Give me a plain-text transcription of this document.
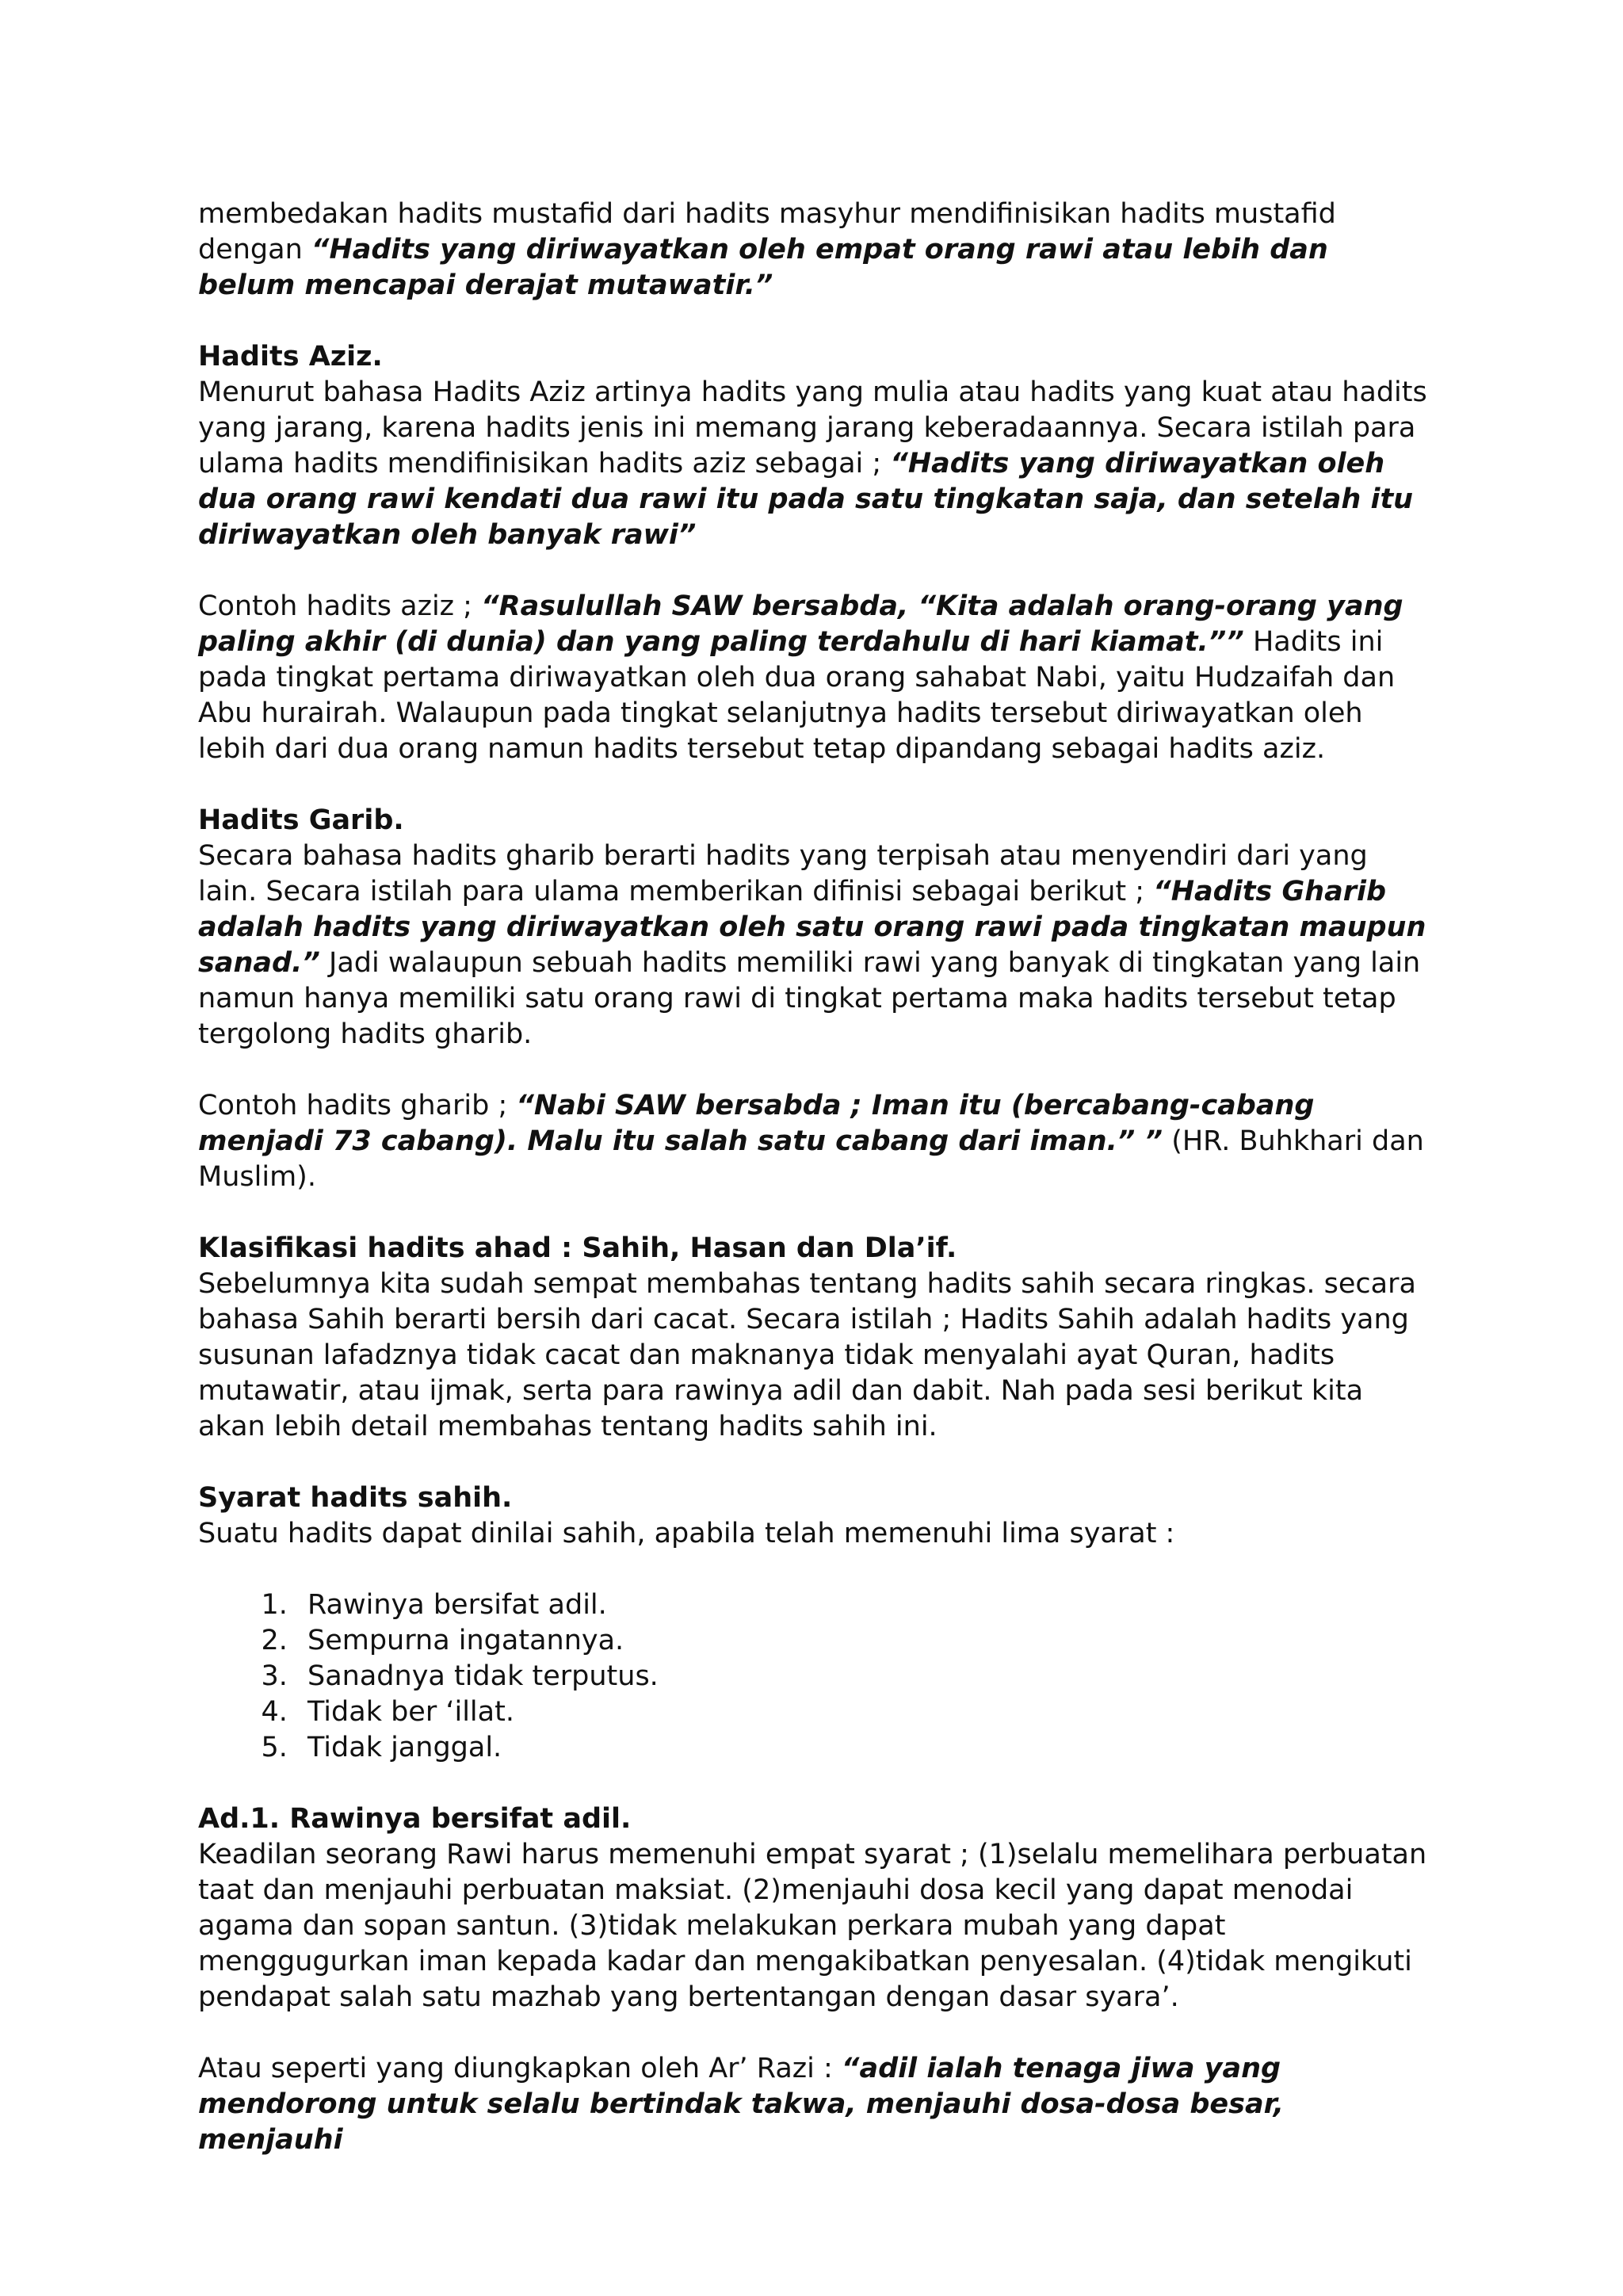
membedakan hadits mustafid dari hadits masyhur mendifinisikan hadits mustafid dengan “Hadits yang diriwayatkan oleh empat orang rawi atau lebih dan belum mencapai derajat mutawatir.”

Hadits Aziz.
Menurut bahasa Hadits Aziz artinya hadits yang mulia atau hadits yang kuat atau hadits yang jarang, karena hadits jenis ini memang jarang keberadaannya. Secara istilah para ulama hadits mendifinisikan hadits aziz sebagai ; “Hadits yang diriwayatkan oleh dua orang rawi kendati dua rawi itu pada satu tingkatan saja, dan setelah itu diriwayatkan oleh banyak rawi”

Contoh hadits aziz ; “Rasulullah SAW bersabda, “Kita adalah orang-orang yang paling akhir (di dunia) dan yang paling terdahulu di hari kiamat.”” Hadits ini pada tingkat pertama diriwayatkan oleh dua orang sahabat Nabi, yaitu Hudzaifah dan Abu hurairah. Walaupun pada tingkat selanjutnya hadits tersebut diriwayatkan oleh lebih dari dua orang namun hadits tersebut tetap dipandang sebagai hadits aziz.

Hadits Garib.
Secara bahasa hadits gharib berarti hadits yang terpisah atau menyendiri dari yang lain. Secara istilah para ulama memberikan difinisi sebagai berikut ; “Hadits Gharib adalah hadits yang diriwayatkan oleh satu orang rawi pada tingkatan maupun sanad.” Jadi walaupun sebuah hadits memiliki rawi yang banyak di tingkatan yang lain namun hanya memiliki satu orang rawi di tingkat pertama maka hadits tersebut tetap tergolong hadits gharib.

Contoh hadits gharib ; “Nabi SAW bersabda ; Iman itu (bercabang-cabang menjadi 73 cabang). Malu itu salah satu cabang dari iman.” ” (HR. Buhkhari dan Muslim).

Klasifikasi hadits ahad : Sahih, Hasan dan Dla’if.
Sebelumnya kita sudah sempat membahas tentang hadits sahih secara ringkas. secara bahasa Sahih berarti bersih dari cacat. Secara istilah ; Hadits Sahih adalah hadits yang susunan lafadznya tidak cacat dan maknanya tidak menyalahi ayat Quran, hadits mutawatir, atau ijmak, serta para rawinya adil dan dabit. Nah pada sesi berikut kita akan lebih detail membahas tentang hadits sahih ini.

Syarat hadits sahih.
Suatu hadits dapat dinilai sahih, apabila telah memenuhi lima syarat :

1. Rawinya bersifat adil.
2. Sempurna ingatannya.
3. Sanadnya tidak terputus.
4. Tidak ber ‘illat.
5. Tidak janggal.

Ad.1. Rawinya bersifat adil.
Keadilan seorang Rawi harus memenuhi empat syarat ; (1)selalu memelihara perbuatan taat dan menjauhi perbuatan maksiat. (2)menjauhi dosa kecil yang dapat menodai agama dan sopan santun. (3)tidak melakukan perkara mubah yang dapat menggugurkan iman kepada kadar dan mengakibatkan penyesalan. (4)tidak mengikuti pendapat salah satu mazhab yang bertentangan dengan dasar syara’.

Atau seperti yang diungkapkan oleh Ar’ Razi : “adil ialah tenaga jiwa yang mendorong untuk selalu bertindak takwa, menjauhi dosa-dosa besar, menjauhi
